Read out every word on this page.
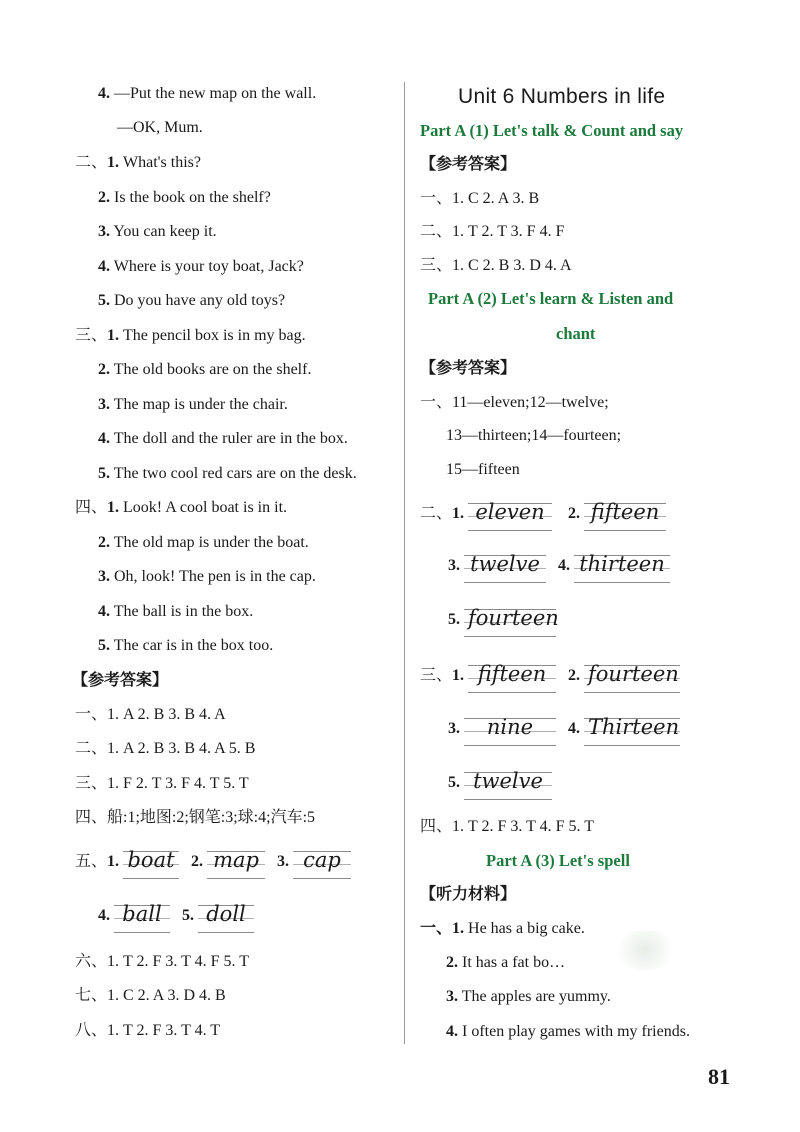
4. —Put the new map on the wall.
—OK, Mum.
二、1. What's this?
2. Is the book on the shelf?
3. You can keep it.
4. Where is your toy boat, Jack?
5. Do you have any old toys?
三、1. The pencil box is in my bag.
2. The old books are on the shelf.
3. The map is under the chair.
4. The doll and the ruler are in the box.
5. The two cool red cars are on the desk.
四、1. Look! A cool boat is in it.
2. The old map is under the boat.
3. Oh, look! The pen is in the cap.
4. The ball is in the box.
5. The car is in the box too.
【参考答案】
一、1. A 2. B 3. B 4. A
二、1. A 2. B 3. B 4. A 5. B
三、1. F 2. T 3. F 4. T 5. T
四、船:1;地图:2;钢笔:3;球:4;汽车:5
五、1. boat 2. map 3. cap
4. ball 5. doll
六、1. T 2. F 3. T 4. F 5. T
七、1. C 2. A 3. D 4. B
八、1. T 2. F 3. T 4. T
Unit 6 Numbers in life
Part A (1) Let's talk & Count and say
【参考答案】
一、1. C 2. A 3. B
二、1. T 2. T 3. F 4. F
三、1. C 2. B 3. D 4. A
Part A (2) Let's learn & Listen and
chant
【参考答案】
一、11—eleven;12—twelve;
13—thirteen;14—fourteen;
15—fifteen
二、1. eleven 2. fifteen
3. twelve 4. thirteen
5. fourteen
三、1. fifteen 2. fourteen
3. nine 4. Thirteen
5. twelve
四、1. T 2. F 3. T 4. F 5. T
Part A (3) Let's spell
【听力材料】
一、1. He has a big cake.
2. It has a fat bo…
3. The apples are yummy.
4. I often play games with my friends.
81
